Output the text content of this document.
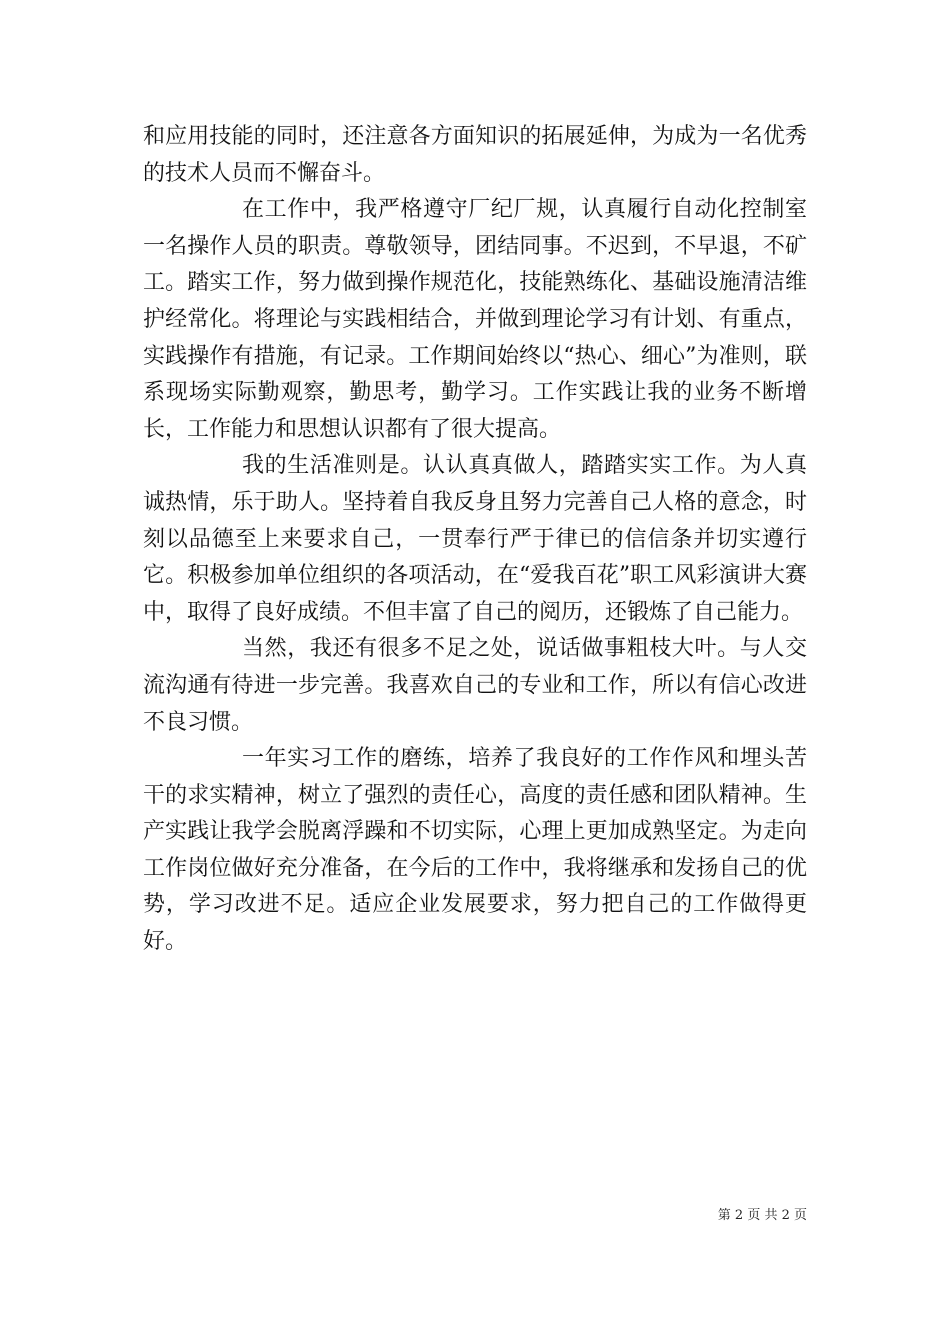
和应用技能的同时，还注意各方面知识的拓展延伸，为成为一名优秀的技术人员而不懈奋斗。

在工作中，我严格遵守厂纪厂规，认真履行自动化控制室一名操作人员的职责。尊敬领导，团结同事。不迟到，不早退，不矿工。踏实工作，努力做到操作规范化，技能熟练化、基础设施清洁维护经常化。将理论与实践相结合，并做到理论学习有计划、有重点，实践操作有措施，有记录。工作期间始终以“热心、细心”为准则，联系现场实际勤观察，勤思考，勤学习。工作实践让我的业务不断增长，工作能力和思想认识都有了很大提高。

我的生活准则是。认认真真做人，踏踏实实工作。为人真诚热情，乐于助人。坚持着自我反身且努力完善自己人格的意念，时刻以品德至上来要求自己，一贯奉行严于律已的信信条并切实遵行它。积极参加单位组织的各项活动，在“爱我百花”职工风彩演讲大赛中，取得了良好成绩。不但丰富了自己的阅历，还锻炼了自己能力。

当然，我还有很多不足之处，说话做事粗枝大叶。与人交流沟通有待进一步完善。我喜欢自己的专业和工作，所以有信心改进不良习惯。

一年实习工作的磨练，培养了我良好的工作作风和埋头苦干的求实精神，树立了强烈的责任心，高度的责任感和团队精神。生产实践让我学会脱离浮躁和不切实际，心理上更加成熟坚定。为走向工作岗位做好充分准备，在今后的工作中，我将继承和发扬自己的优势，学习改进不足。适应企业发展要求，努力把自己的工作做得更好。

第 2 页 共 2 页
